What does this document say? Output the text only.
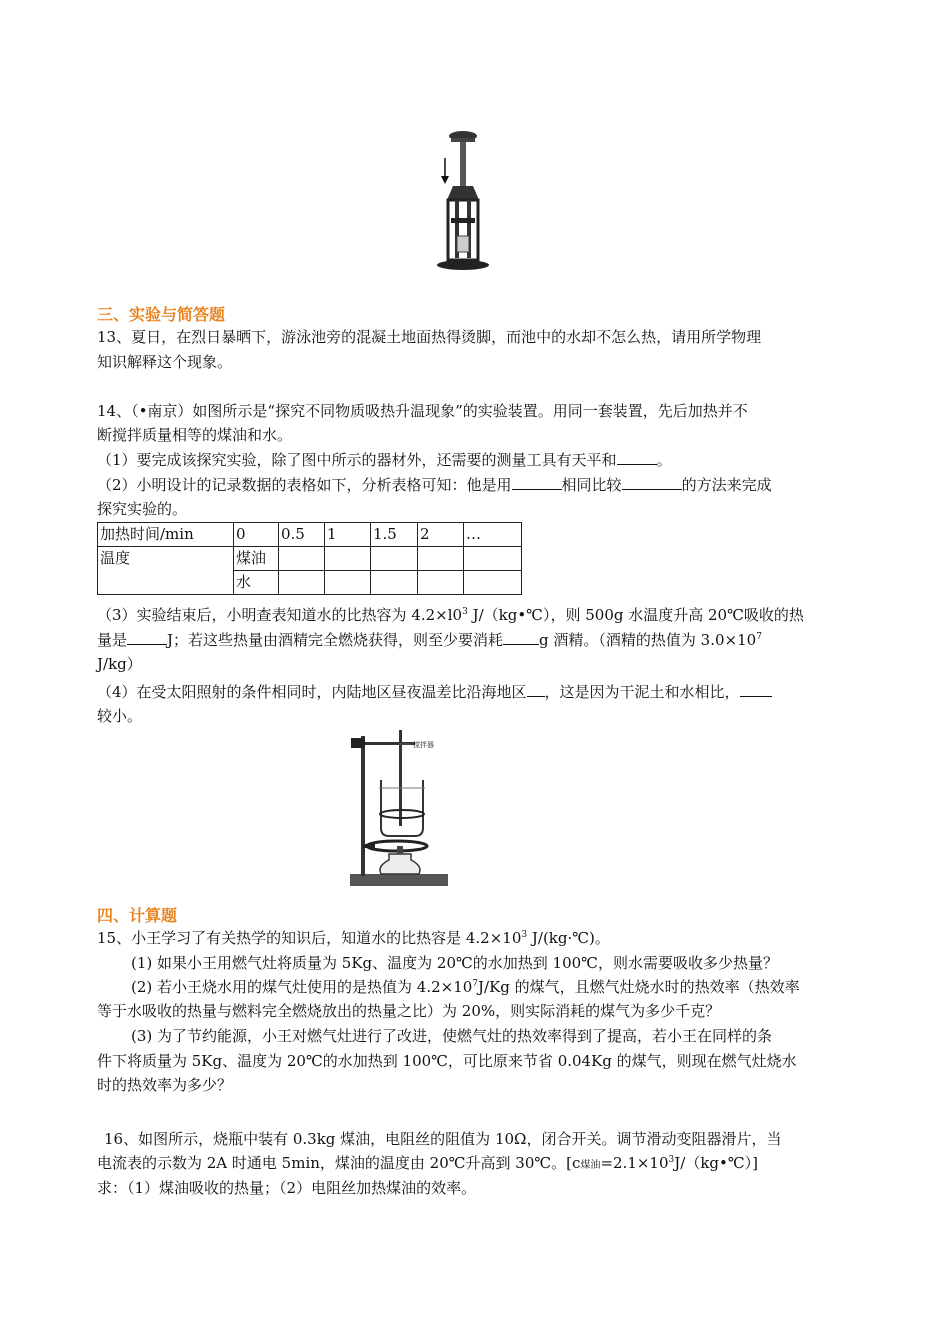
三、实验与简答题
13、夏日，在烈日暴晒下，游泳池旁的混凝土地面热得烫脚，而池中的水却不怎么热，请用所学物理
知识解释这个现象。
14、（•南京）如图所示是“探究不同物质吸热升温现象”的实验装置。用同一套装置，先后加热并不
断搅拌质量相等的煤油和水。
（1）要完成该探究实验，除了图中所示的器材外，还需要的测量工具有天平和	。
（2）小明设计的记录数据的表格如下，分析表格可知：他是用	相同比较	的方法来完成
探究实验的。
加热时间/min	0	0.5	1	1.5	2	…
温度	煤油					
	水					
（3）实验结束后，小明查表知道水的比热容为 $4.2\times l0^3$ J/（kg•℃），则 500g 水温度升高 20℃吸收的热
量是	J；若这些热量由酒精完全燃烧获得，则至少要消耗 g 酒精。（酒精的热值为 $3.0\times 10^7$
J/kg）
（4）在受太阳照射的条件相同时，内陆地区昼夜温差比沿海地区 ，这是因为干泥土和水相比，
较小。
搅拌器
四、计算题
15、小王学习了有关热学的知识后，知道水的比热容是 $4.2\times 10^3$ J/(kg·℃)。
(1) 如果小王用燃气灶将质量为 5Kg、温度为 20℃的水加热到 100℃，则水需要吸收多少热量？
(2) 若小王烧水用的煤气灶使用的是热值为 $4.2\times 10^7J/Kg$ 的煤气，且燃气灶烧水时的热效率（热效率
等于水吸收的热量与燃料完全燃烧放出的热量之比）为 20%，则实际消耗的煤气为多少千克？
(3) 为了节约能源，小王对燃气灶进行了改进，使燃气灶的热效率得到了提高，若小王在同样的条
件下将质量为 5Kg、温度为 20℃的水加热到 100℃，可比原来节省 0.04Kg 的煤气，则现在燃气灶烧水
时的热效率为多少？
16、如图所示，烧瓶中装有 0.3kg 煤油，电阻丝的阻值为 10Ω，闭合开关。调节滑动变阻器滑片，当
电流表的示数为 2A 时通电 5min，煤油的温度由 20℃升高到 30℃。[c煤油$=2.1\times 10^3J/(kg•℃)$]
求：（1）煤油吸收的热量；（2）电阻丝加热煤油的效率。
